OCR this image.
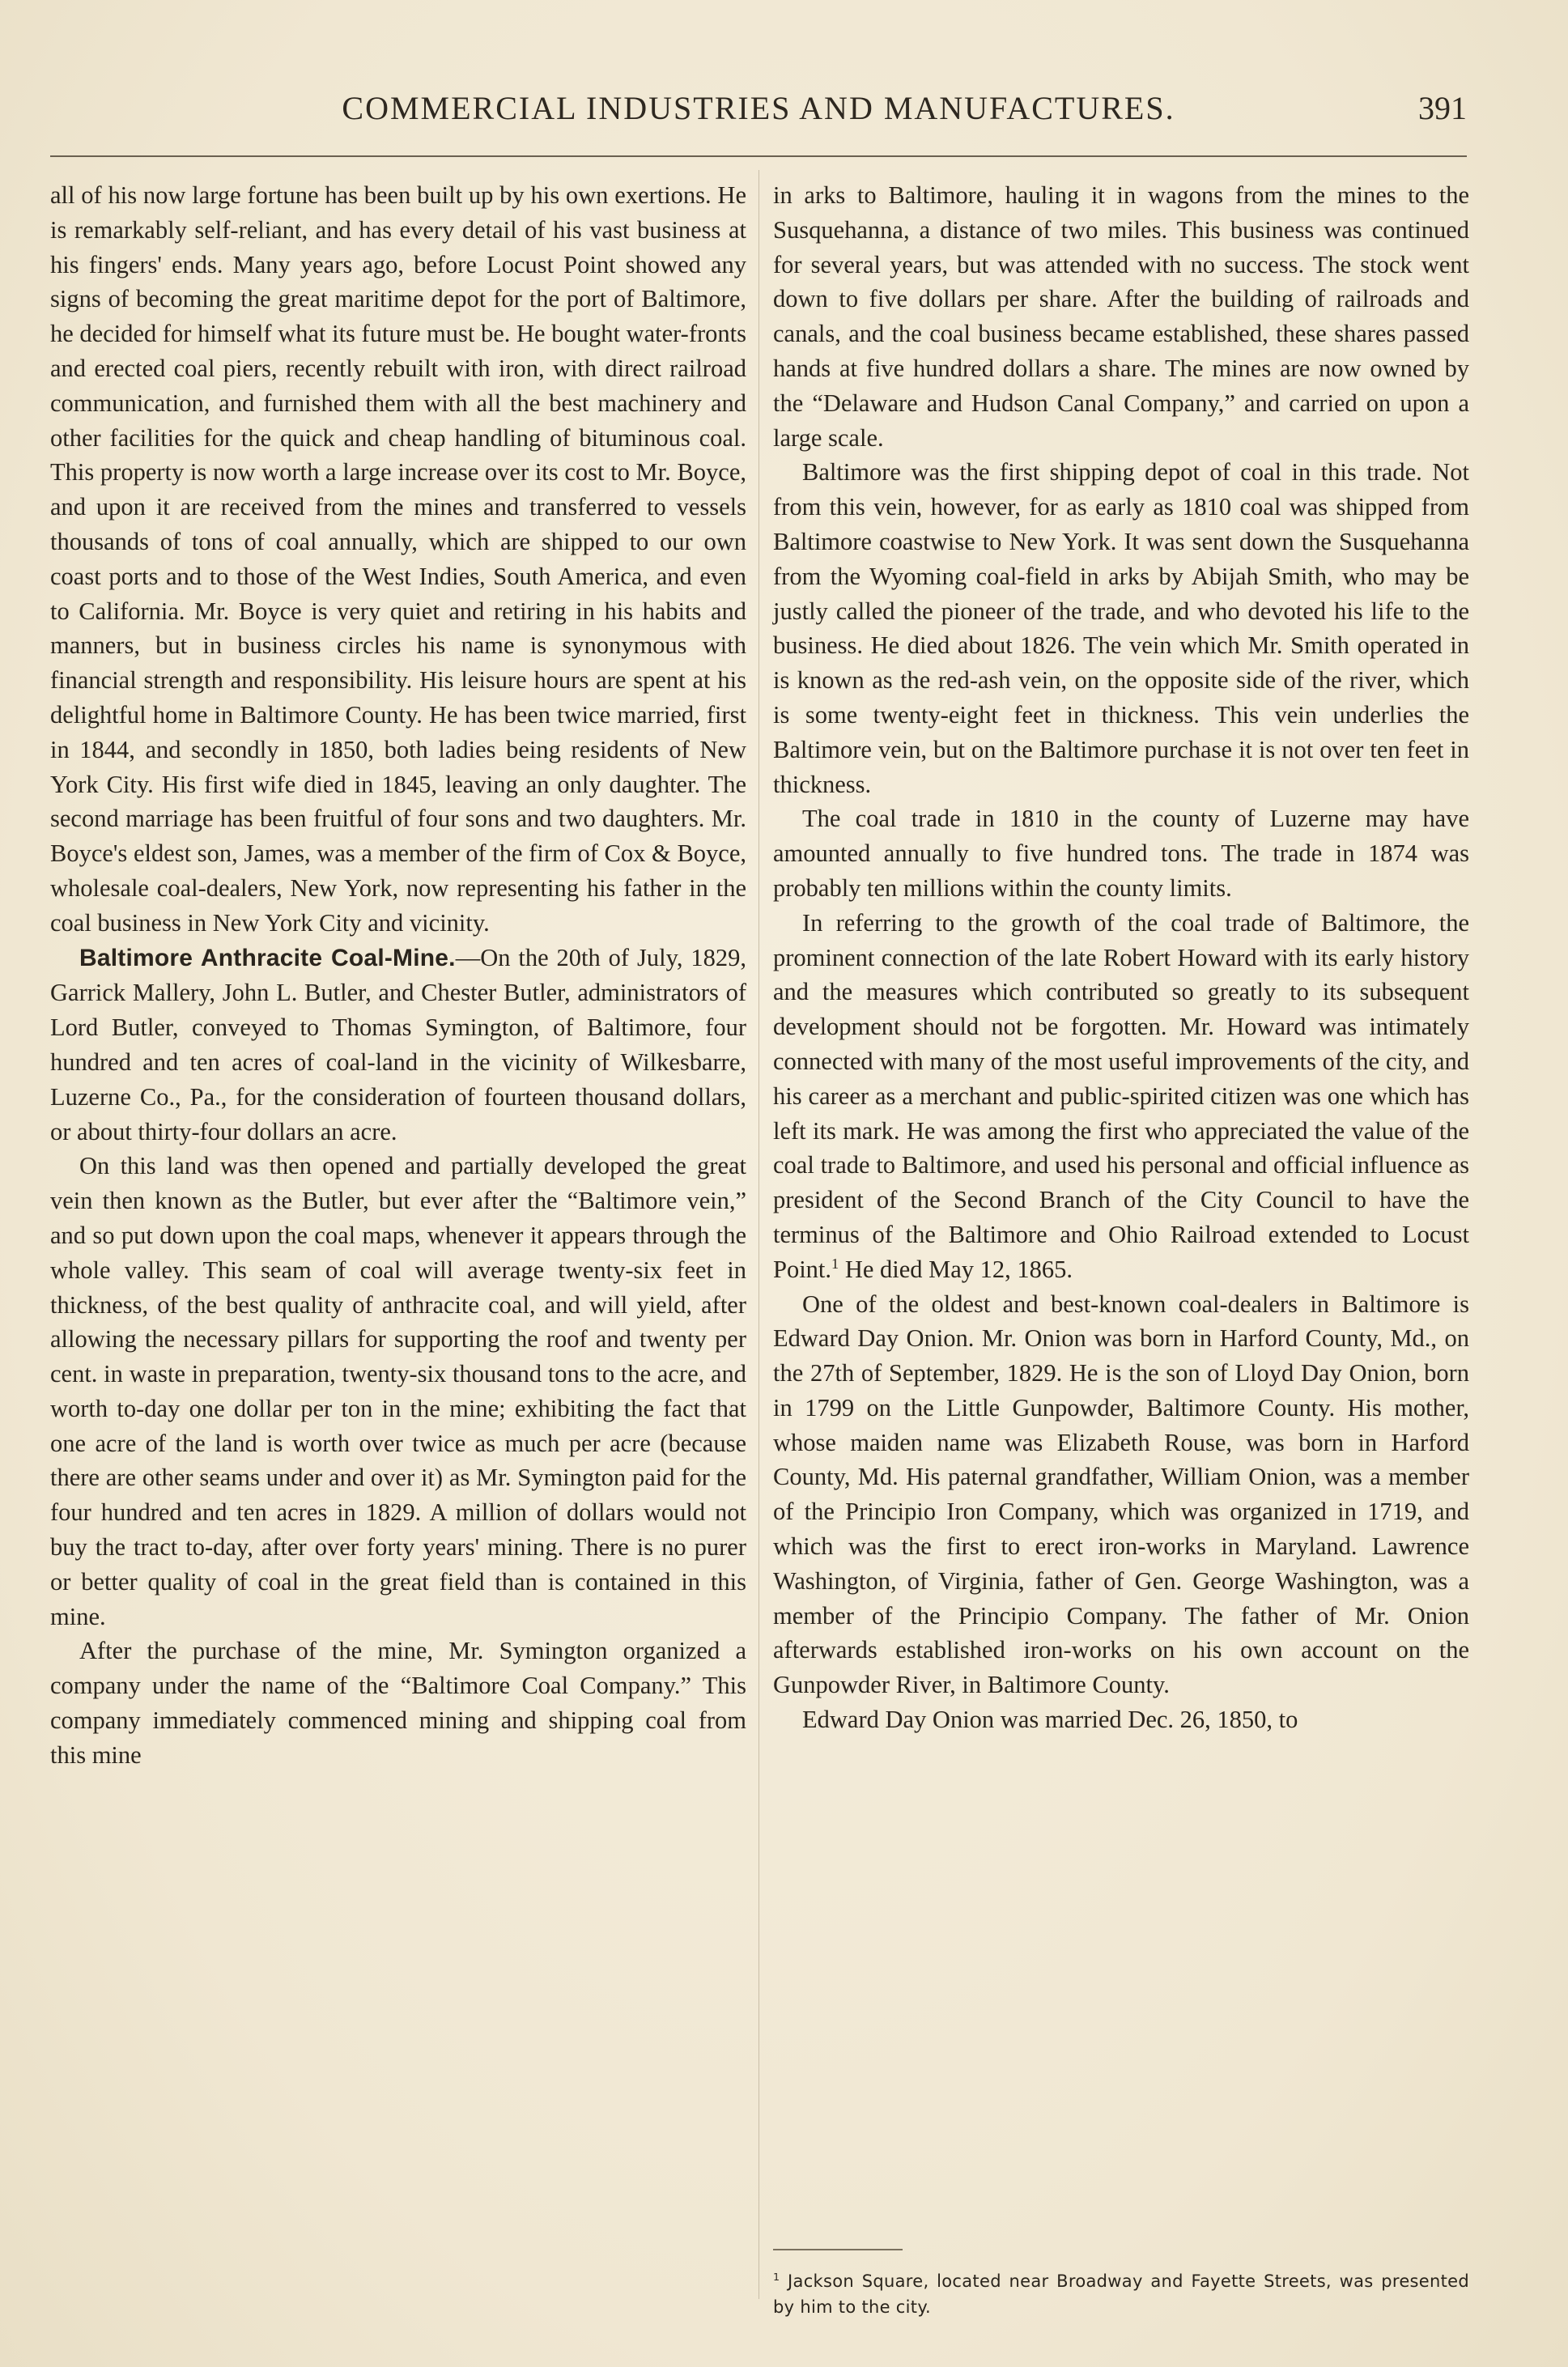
COMMERCIAL INDUSTRIES AND MANUFACTURES.	391

all of his now large fortune has been built up by his own exertions. He is remarkably self-reliant, and has every detail of his vast business at his fingers' ends. Many years ago, before Locust Point showed any signs of becoming the great maritime depot for the port of Baltimore, he decided for himself what its future must be. He bought water-fronts and erected coal piers, recently rebuilt with iron, with direct railroad communication, and furnished them with all the best machinery and other facilities for the quick and cheap handling of bituminous coal. This property is now worth a large increase over its cost to Mr. Boyce, and upon it are received from the mines and transferred to vessels thousands of tons of coal annually, which are shipped to our own coast ports and to those of the West Indies, South America, and even to California. Mr. Boyce is very quiet and retiring in his habits and manners, but in business circles his name is synonymous with financial strength and responsibility. His leisure hours are spent at his delightful home in Baltimore County. He has been twice married, first in 1844, and secondly in 1850, both ladies being residents of New York City. His first wife died in 1845, leaving an only daughter. The second marriage has been fruitful of four sons and two daughters. Mr. Boyce's eldest son, James, was a member of the firm of Cox & Boyce, wholesale coal-dealers, New York, now representing his father in the coal business in New York City and vicinity.

Baltimore Anthracite Coal-Mine.—On the 20th of July, 1829, Garrick Mallery, John L. Butler, and Chester Butler, administrators of Lord Butler, conveyed to Thomas Symington, of Baltimore, four hundred and ten acres of coal-land in the vicinity of Wilkesbarre, Luzerne Co., Pa., for the consideration of fourteen thousand dollars, or about thirty-four dollars an acre.

On this land was then opened and partially developed the great vein then known as the Butler, but ever after the “Baltimore vein,” and so put down upon the coal maps, whenever it appears through the whole valley. This seam of coal will average twenty-six feet in thickness, of the best quality of anthracite coal, and will yield, after allowing the necessary pillars for supporting the roof and twenty per cent. in waste in preparation, twenty-six thousand tons to the acre, and worth to-day one dollar per ton in the mine; exhibiting the fact that one acre of the land is worth over twice as much per acre (because there are other seams under and over it) as Mr. Symington paid for the four hundred and ten acres in 1829. A million of dollars would not buy the tract to-day, after over forty years' mining. There is no purer or better quality of coal in the great field than is contained in this mine.

After the purchase of the mine, Mr. Symington organized a company under the name of the “Baltimore Coal Company.” This company immediately commenced mining and shipping coal from this mine

in arks to Baltimore, hauling it in wagons from the mines to the Susquehanna, a distance of two miles. This business was continued for several years, but was attended with no success. The stock went down to five dollars per share. After the building of railroads and canals, and the coal business became established, these shares passed hands at five hundred dollars a share. The mines are now owned by the “Delaware and Hudson Canal Company,” and carried on upon a large scale.

Baltimore was the first shipping depot of coal in this trade. Not from this vein, however, for as early as 1810 coal was shipped from Baltimore coastwise to New York. It was sent down the Susquehanna from the Wyoming coal-field in arks by Abijah Smith, who may be justly called the pioneer of the trade, and who devoted his life to the business. He died about 1826. The vein which Mr. Smith operated in is known as the red-ash vein, on the opposite side of the river, which is some twenty-eight feet in thickness. This vein underlies the Baltimore vein, but on the Baltimore purchase it is not over ten feet in thickness.

The coal trade in 1810 in the county of Luzerne may have amounted annually to five hundred tons. The trade in 1874 was probably ten millions within the county limits.

In referring to the growth of the coal trade of Baltimore, the prominent connection of the late Robert Howard with its early history and the measures which contributed so greatly to its subsequent development should not be forgotten. Mr. Howard was intimately connected with many of the most useful improvements of the city, and his career as a merchant and public-spirited citizen was one which has left its mark. He was among the first who appreciated the value of the coal trade to Baltimore, and used his personal and official influence as president of the Second Branch of the City Council to have the terminus of the Baltimore and Ohio Railroad extended to Locust Point.$^1$ He died May 12, 1865.

One of the oldest and best-known coal-dealers in Baltimore is Edward Day Onion. Mr. Onion was born in Harford County, Md., on the 27th of September, 1829. He is the son of Lloyd Day Onion, born in 1799 on the Little Gunpowder, Baltimore County. His mother, whose maiden name was Elizabeth Rouse, was born in Harford County, Md. His paternal grandfather, William Onion, was a member of the Principio Iron Company, which was organized in 1719, and which was the first to erect iron-works in Maryland. Lawrence Washington, of Virginia, father of Gen. George Washington, was a member of the Principio Company. The father of Mr. Onion afterwards established iron-works on his own account on the Gunpowder River, in Baltimore County.

Edward Day Onion was married Dec. 26, 1850, to

$^1$ Jackson Square, located near Broadway and Fayette Streets, was presented by him to the city.
